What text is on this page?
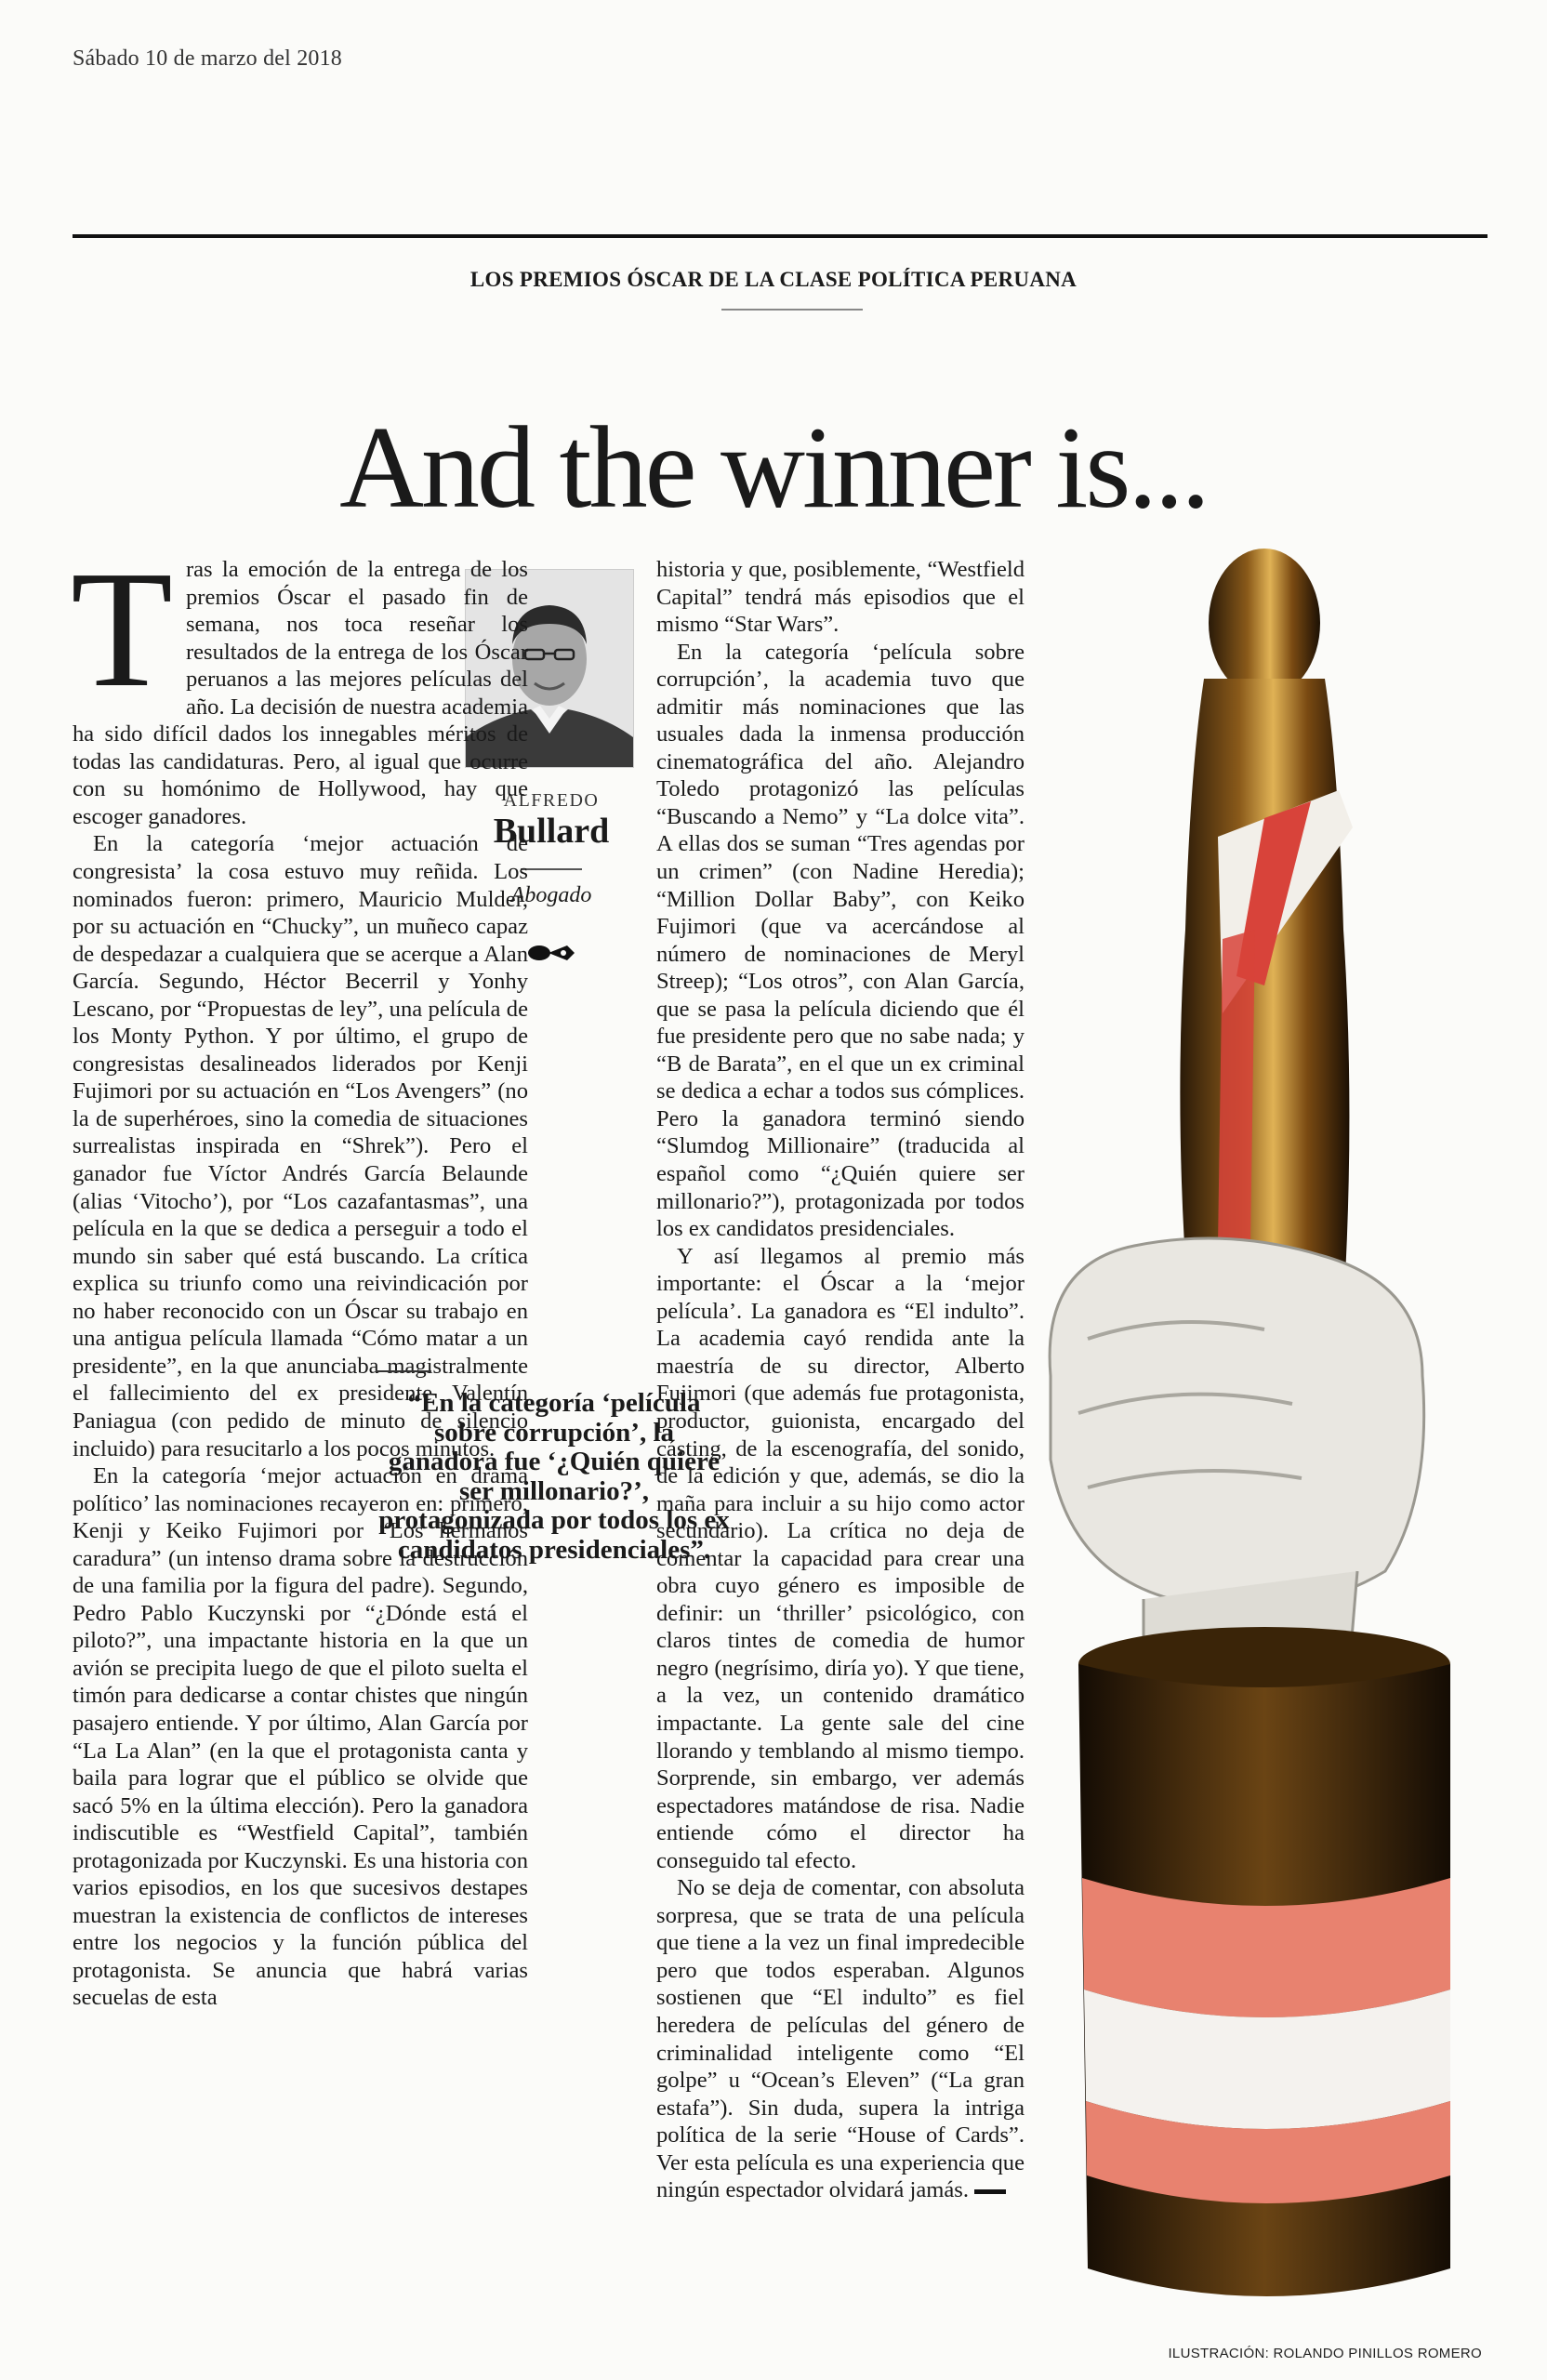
Sábado 10 de marzo del 2018
LOS PREMIOS ÓSCAR DE LA CLASE POLÍTICA PERUANA
And the winner is...
ALFREDO
Bullard
Abogado
T ras la emoción de la entrega de los premios Óscar el pasado fin de semana, nos toca reseñar los resultados de la entrega de los Óscar peruanos a las mejores películas del año. La decisión de nuestra academia ha sido difícil dados los innegables méritos de todas las candidaturas. Pero, al igual que ocurre con su homónimo de Hollywood, hay que escoger ganadores.

En la categoría ‘mejor actuación de congresista’ la cosa estuvo muy reñida. Los nominados fueron: primero, Mauricio Mulder, por su actuación en “Chucky”, un muñeco capaz de despedazar a cualquiera que se acerque a Alan García. Segundo, Héctor Becerril y Yonhy Lescano, por “Propuestas de ley”, una película de los Monty Python. Y por último, el grupo de congresistas desalineados liderados por Kenji Fujimori por su actuación en “Los Avengers” (no la de superhéroes, sino la comedia de situaciones surrealistas inspirada en “Shrek”). Pero el ganador fue Víctor Andrés García Belaunde (alias ‘Vitocho’), por “Los cazafantasmas”, una película en la que se dedica a perseguir a todo el mundo sin saber qué está buscando. La crítica explica su triunfo como una reivindicación por no haber reconocido con un Óscar su trabajo en una antigua película llamada “Cómo matar a un presidente”, en la que anunciaba magistralmente el fallecimiento del ex presidente Valentín Paniagua (con pedido de minuto de silencio incluido) para resucitarlo a los pocos minutos.

En la categoría ‘mejor actuación en drama político’ las nominaciones recayeron en: primero, Kenji y Keiko Fujimori por “Los hermanos caradura” (un intenso drama sobre la destrucción de una familia por la figura del padre). Segundo, Pedro Pablo Kuczynski por “¿Dónde está el piloto?”, una impactante historia en la que un avión se precipita luego de que el piloto suelta el timón para dedicarse a contar chistes que ningún pasajero entiende. Y por último, Alan García por “La La Alan” (en la que el protagonista canta y baila para lograr que el público se olvide que sacó 5% en la última elección). Pero la ganadora indiscutible es “Westfield Capital”, también protagonizada por Kuczynski. Es una historia con varios episodios, en los que sucesivos destapes muestran la existencia de conflictos de intereses entre los negocios y la función pública del protagonista. Se anuncia que habrá varias secuelas de esta

“En la categoría ‘película sobre corrupción’, la ganadora fue ‘¿Quién quiere ser millonario?’, protagonizada por todos los ex candidatos presidenciales”.

historia y que, posiblemente, “Westfield Capital” tendrá más episodios que el mismo “Star Wars”.

En la categoría ‘película sobre corrupción’, la academia tuvo que admitir más nominaciones que las usuales dada la inmensa producción cinematográfica del año. Alejandro Toledo protagonizó las películas “Buscando a Nemo” y “La dolce vita”. A ellas dos se suman “Tres agendas por un crimen” (con Nadine Heredia); “Million Dollar Baby”, con Keiko Fujimori (que va acercándose al número de nominaciones de Meryl Streep); “Los otros”, con Alan García, que se pasa la película diciendo que él fue presidente pero que no sabe nada; y “B de Barata”, en el que un ex criminal se dedica a echar a todos sus cómplices. Pero la ganadora terminó siendo “Slumdog Millionaire” (traducida al español como “¿Quién quiere ser millonario?”), protagonizada por todos los ex candidatos presidenciales.

Y así llegamos al premio más importante: el Óscar a la ‘mejor película’. La ganadora es “El indulto”. La academia cayó rendida ante la maestría de su director, Alberto Fujimori (que además fue protagonista, productor, guionista, encargado del cásting, de la escenografía, del sonido, de la edición y que, además, se dio la maña para incluir a su hijo como actor secundario). La crítica no deja de comentar la capacidad para crear una obra cuyo género es imposible de definir: un ‘thriller’ psicológico, con claros tintes de comedia de humor negro (negrísimo, diría yo). Y que tiene, a la vez, un contenido dramático impactante. La gente sale del cine llorando y temblando al mismo tiempo. Sorprende, sin embargo, ver además espectadores matándose de risa. Nadie entiende cómo el director ha conseguido tal efecto.

No se deja de comentar, con absoluta sorpresa, que se trata de una película que tiene a la vez un final impredecible pero que todos esperaban. Algunos sostienen que “El indulto” es fiel heredera de películas del género de criminalidad inteligente como “El golpe” u “Ocean’s Eleven” (“La gran estafa”). Sin duda, supera la intriga política de la serie “House of Cards”. Ver esta película es una experiencia que ningún espectador olvidará jamás.

ILUSTRACIÓN: ROLANDO PINILLOS ROMERO
